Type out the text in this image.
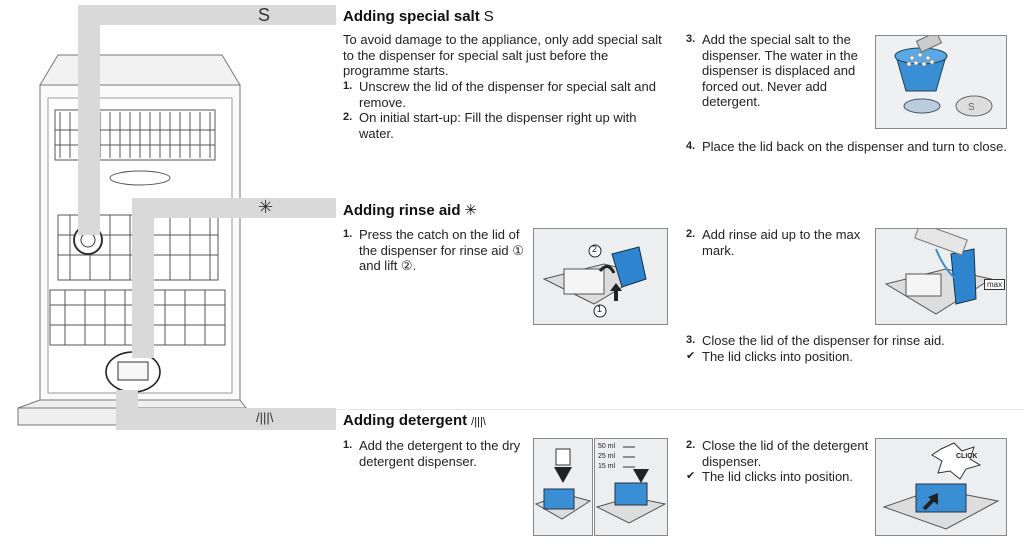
S
✳
/|||\
Adding special salt S
To avoid damage to the appliance, only add special salt to the dispenser for special salt just before the programme starts.
1. Unscrew the lid of the dispenser for special salt and remove.
2. On initial start-up: Fill the dispenser right up with water.
3. Add the special salt to the dispenser. The water in the dispenser is displaced and forced out. Never add detergent.
4. Place the lid back on the dispenser and turn to close.
S
Adding rinse aid ✳
1. Press the catch on the lid of the dispenser for rinse aid ① and lift ②.
2. Add rinse aid up to the max mark.
3. Close the lid of the dispenser for rinse aid.
✔ The lid clicks into position.
2
1
max
Adding detergent /|||\
1. Add the detergent to the dry detergent dispenser.
2. Close the lid of the detergent dispenser.
✔ The lid clicks into position.
50 ml
25 ml
15 ml
CLICK
